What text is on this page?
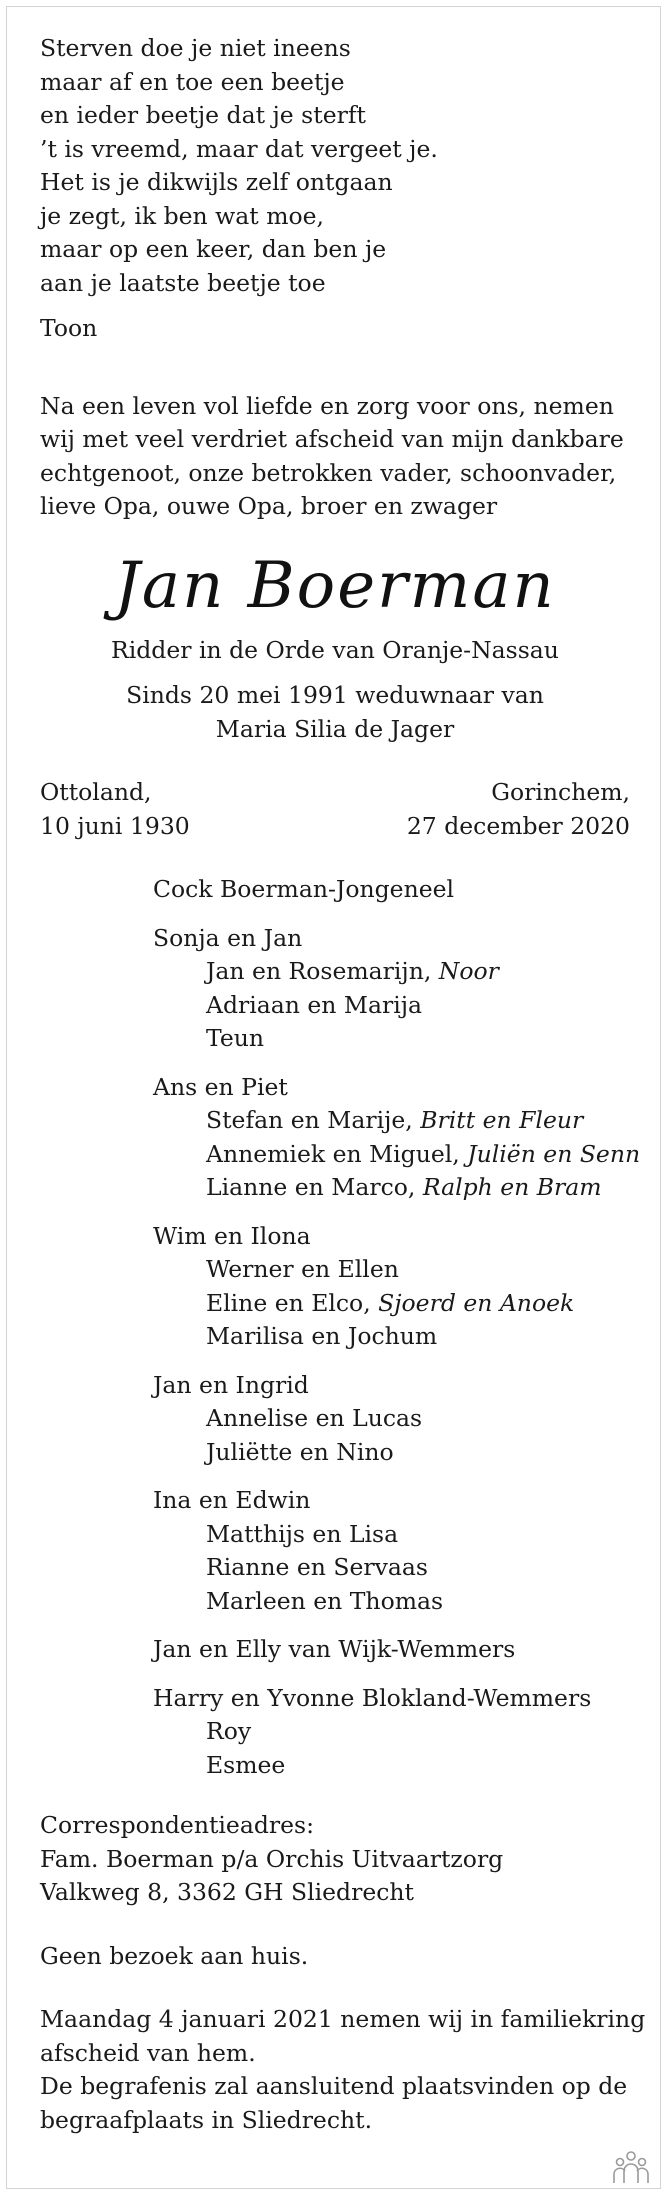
Sterven doe je niet ineens
maar af en toe een beetje
en ieder beetje dat je sterft
’t is vreemd, maar dat vergeet je.
Het is je dikwijls zelf ontgaan
je zegt, ik ben wat moe,
maar op een keer, dan ben je
aan je laatste beetje toe
Toon
Na een leven vol liefde en zorg voor ons, nemen
wij met veel verdriet afscheid van mijn dankbare
echtgenoot, onze betrokken vader, schoonvader,
lieve Opa, ouwe Opa, broer en zwager
Jan Boerman
Ridder in de Orde van Oranje-Nassau
Sinds 20 mei 1991 weduwnaar van
Maria Silia de Jager
Ottoland,
10 juni 1930
Gorinchem,
27 december 2020
Cock Boerman-Jongeneel
Sonja en Jan
Jan en Rosemarijn, Noor
Adriaan en Marija
Teun
Ans en Piet
Stefan en Marije, Britt en Fleur
Annemiek en Miguel, Juliën en Senn
Lianne en Marco, Ralph en Bram
Wim en Ilona
Werner en Ellen
Eline en Elco, Sjoerd en Anoek
Marilisa en Jochum
Jan en Ingrid
Annelise en Lucas
Juliëtte en Nino
Ina en Edwin
Matthijs en Lisa
Rianne en Servaas
Marleen en Thomas
Jan en Elly van Wijk-Wemmers
Harry en Yvonne Blokland-Wemmers
Roy
Esmee
Correspondentieadres:
Fam. Boerman p/a Orchis Uitvaartzorg
Valkweg 8, 3362 GH Sliedrecht
Geen bezoek aan huis.
Maandag 4 januari 2021 nemen wij in familiekring
afscheid van hem.
De begrafenis zal aansluitend plaatsvinden op de
begraafplaats in Sliedrecht.
